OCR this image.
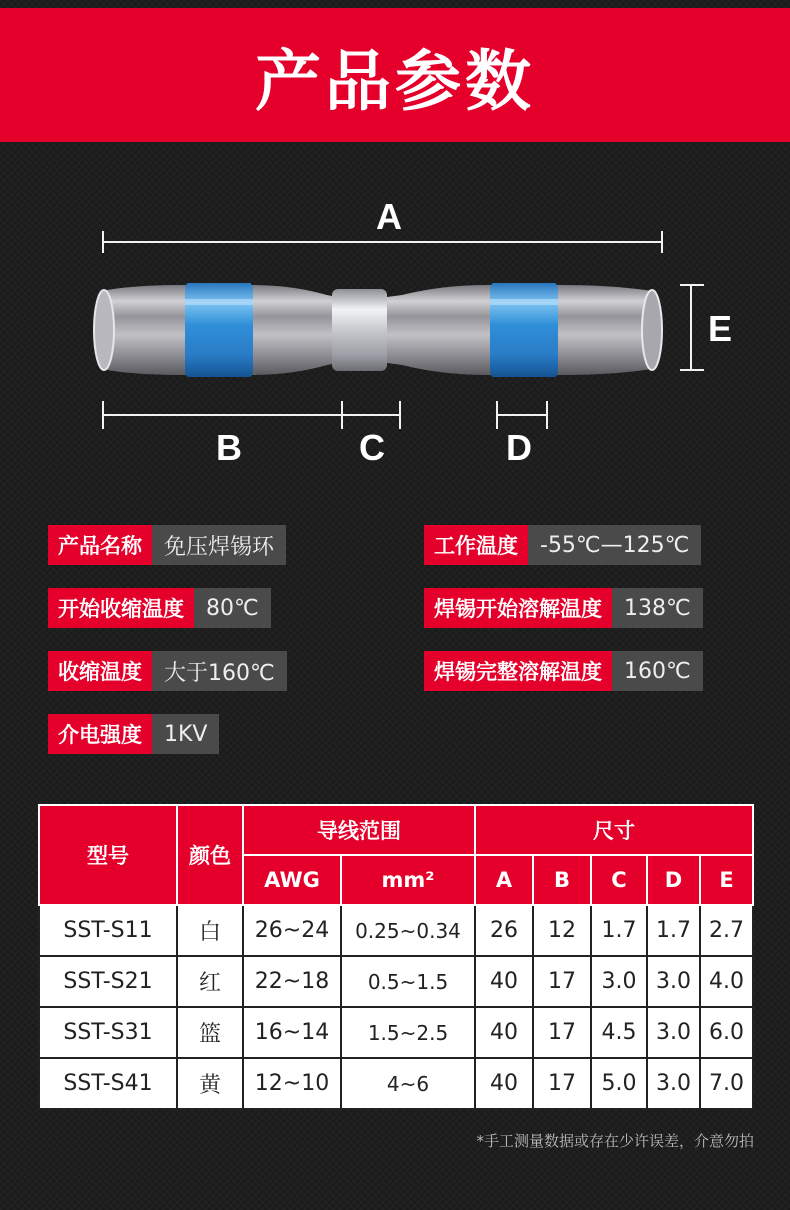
产品参数
A
E
B	C	D
产品名称	免压焊锡环	工作温度	-55℃—125℃
开始收缩温度	80℃	焊锡开始溶解温度	138℃
收缩温度	大于160℃	焊锡完整溶解温度	160℃
介电强度	1KV
型号	颜色	导线范围		尺寸				
		AWG	mm²	A	B	C	D	E
SST-S11	白	26~24	0.25~0.34	26	12	1.7	1.7	2.7
SST-S21	红	22~18	0.5~1.5	40	17	3.0	3.0	4.0
SST-S31	篮	16~14	1.5~2.5	40	17	4.5	3.0	6.0
SST-S41	黄	12~10	4~6	40	17	5.0	3.0	7.0
*手工测量数据或存在少许误差，介意勿拍
